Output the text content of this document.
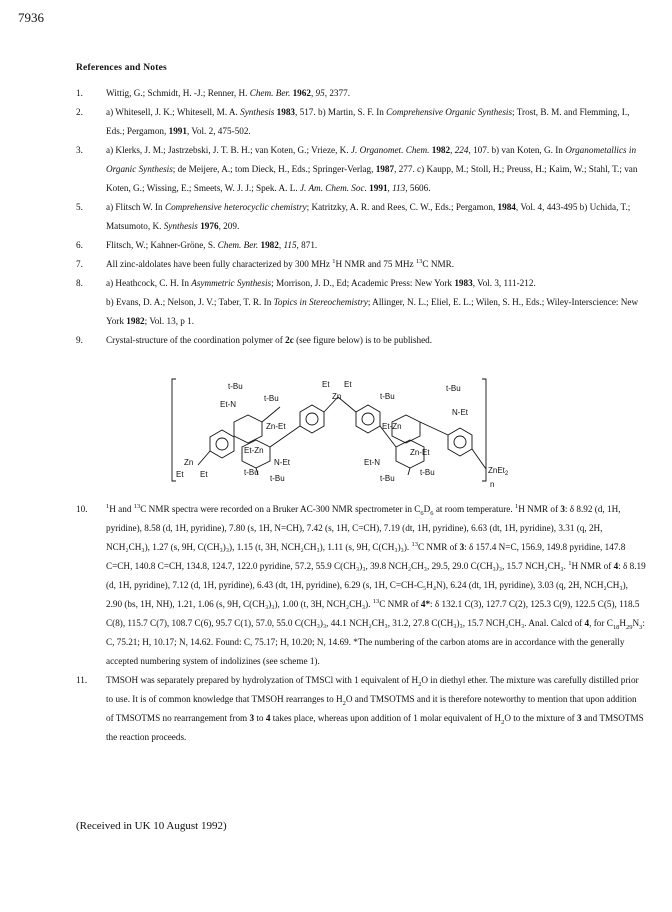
7936
References and Notes
1.	Wittig, G.; Schmidt, H. -J.; Renner, H. Chem. Ber. 1962, 95, 2377.
2.	a) Whitesell, J. K.; Whitesell, M. A. Synthesis 1983, 517. b) Martin, S. F. In Comprehensive Organic Synthesis; Trost, B. M. and Flemming, I., Eds.; Pergamon, 1991, Vol. 2, 475-502.
3.	a) Klerks, J. M.; Jastrzebski, J. T. B. H.; van Koten, G.; Vrieze, K. J. Organomet. Chem. 1982, 224, 107. b) van Koten, G. In Organometallics in Organic Synthesis; de Meijere, A.; tom Dieck, H., Eds.; Springer-Verlag, 1987, 277. c) Kaupp, M.; Stoll, H.; Preuss, H.; Kaim, W.; Stahl, T.; van Koten, G.; Wissing, E.; Smeets, W. J. J.; Spek. A. L. J. Am. Chem. Soc. 1991, 113, 5606.
5.	a) Flitsch W. In Comprehensive heterocyclic chemistry; Katritzky, A. R. and Rees, C. W., Eds.; Pergamon, 1984, Vol. 4, 443-495 b) Uchida, T.; Matsumoto, K. Synthesis 1976, 209.
6.	Flitsch, W.; Kahner-Gröne, S. Chem. Ber. 1982, 115, 871.
7.	All zinc-aldolates have been fully characterized by 300 MHz $^1$H NMR and 75 MHz $^{13}$C NMR.
8.	a) Heathcock, C. H. In Asymmetric Synthesis; Morrison, J. D., Ed; Academic Press: New York 1983, Vol. 3, 111-212.
b) Evans, D. A.; Nelson, J. V.; Taber, T. R. In Topics in Stereochemistry; Allinger, N. L.; Eliel, E. L.; Wilen, S. H., Eds.; Wiley-Interscience: New York 1982; Vol. 13, p 1.
9.	Crystal-structure of the coordination polymer of 2c (see figure below) is to be published.
t-Bu
Et-N
t-Bu
Zn-Et
Et-Zn
N-Et
t-Bu
t-Bu
Zn
Et Et
Et Et
Zn	t-Bu
Et-Zn
Zn-Et
Et-N
t-Bu
t-Bu
t-Bu
N-Et
ZnEt$_2$
n
10.	$^1$H and $^{13}$C NMR spectra were recorded on a Bruker AC-300 NMR spectrometer in $C_6D_6$ at room temperature. $^1$H NMR of 3: δ 8.92 (d, 1H, pyridine), 8.58 (d, 1H, pyridine), 7.80 (s, 1H, N=CH), 7.42 (s, 1H, C=CH), 7.19 (dt, 1H, pyridine), 6.63 (dt, 1H, pyridine), 3.31 (q, 2H, NCH₂CH₃), 1.27 (s, 9H, C(CH₃)₃), 1.15 (t, 3H, NCH₂CH₃), 1.11 (s, 9H, C(CH₃)₃). $^{13}$C NMR of 3: δ 157.4 N=C, 156.9, 149.8 pyridine, 147.8 C=CH, 140.8 C=CH, 134.8, 124.7, 122.0 pyridine, 57.2, 55.9 C(CH₃)₃, 39.8 NCH₂CH₃, 29.5, 29.0 C(CH₃)₃, 15.7 NCH₂CH₃. $^1$H NMR of 4: δ 8.19 (d, 1H, pyridine), 7.12 (d, 1H, pyridine), 6.43 (dt, 1H, pyridine), 6.29 (s, 1H, C=CH-C₅H₄N), 6.24 (dt, 1H, pyridine), 3.03 (q, 2H, NCH₂CH₃), 2.90 (bs, 1H, NH), 1.21, 1.06 (s, 9H, C(CH₃)₃), 1.00 (t, 3H, NCH₂CH₃). $^{13}$C NMR of 4*: δ 132.1 C(3), 127.7 C(2), 125.3 C(9), 122.5 C(5), 118.5 C(8), 115.7 C(7), 108.7 C(6), 95.7 C(1), 57.0, 55.0 C(CH₃)₃, 44.1 NCH₂CH₃, 31.2, 27.8 C(CH₃)₃, 15.7 NCH₂CH₃. Anal. Calcd of 4, for $C_{18}H_{29}N_3$: C, 75.21; H, 10.17; N, 14.62. Found: C, 75.17; H, 10.20; N, 14.69. *The numbering of the carbon atoms are in accordance with the generally accepted numbering system of indolizines (see scheme 1).
11.	TMSOH was separately prepared by hydrolyzation of TMSCl with 1 equivalent of $H_2O$ in diethyl ether. The mixture was carefully distilled prior to use. It is of common knowledge that TMSOH rearranges to $H_2O$ and TMSOTMS and it is therefore noteworthy to mention that upon addition of TMSOTMS no rearrangement from 3 to 4 takes place, whereas upon addition of 1 molar equivalent of $H_2O$ to the mixture of 3 and TMSOTMS the reaction proceeds.
(Received in UK 10 August 1992)
